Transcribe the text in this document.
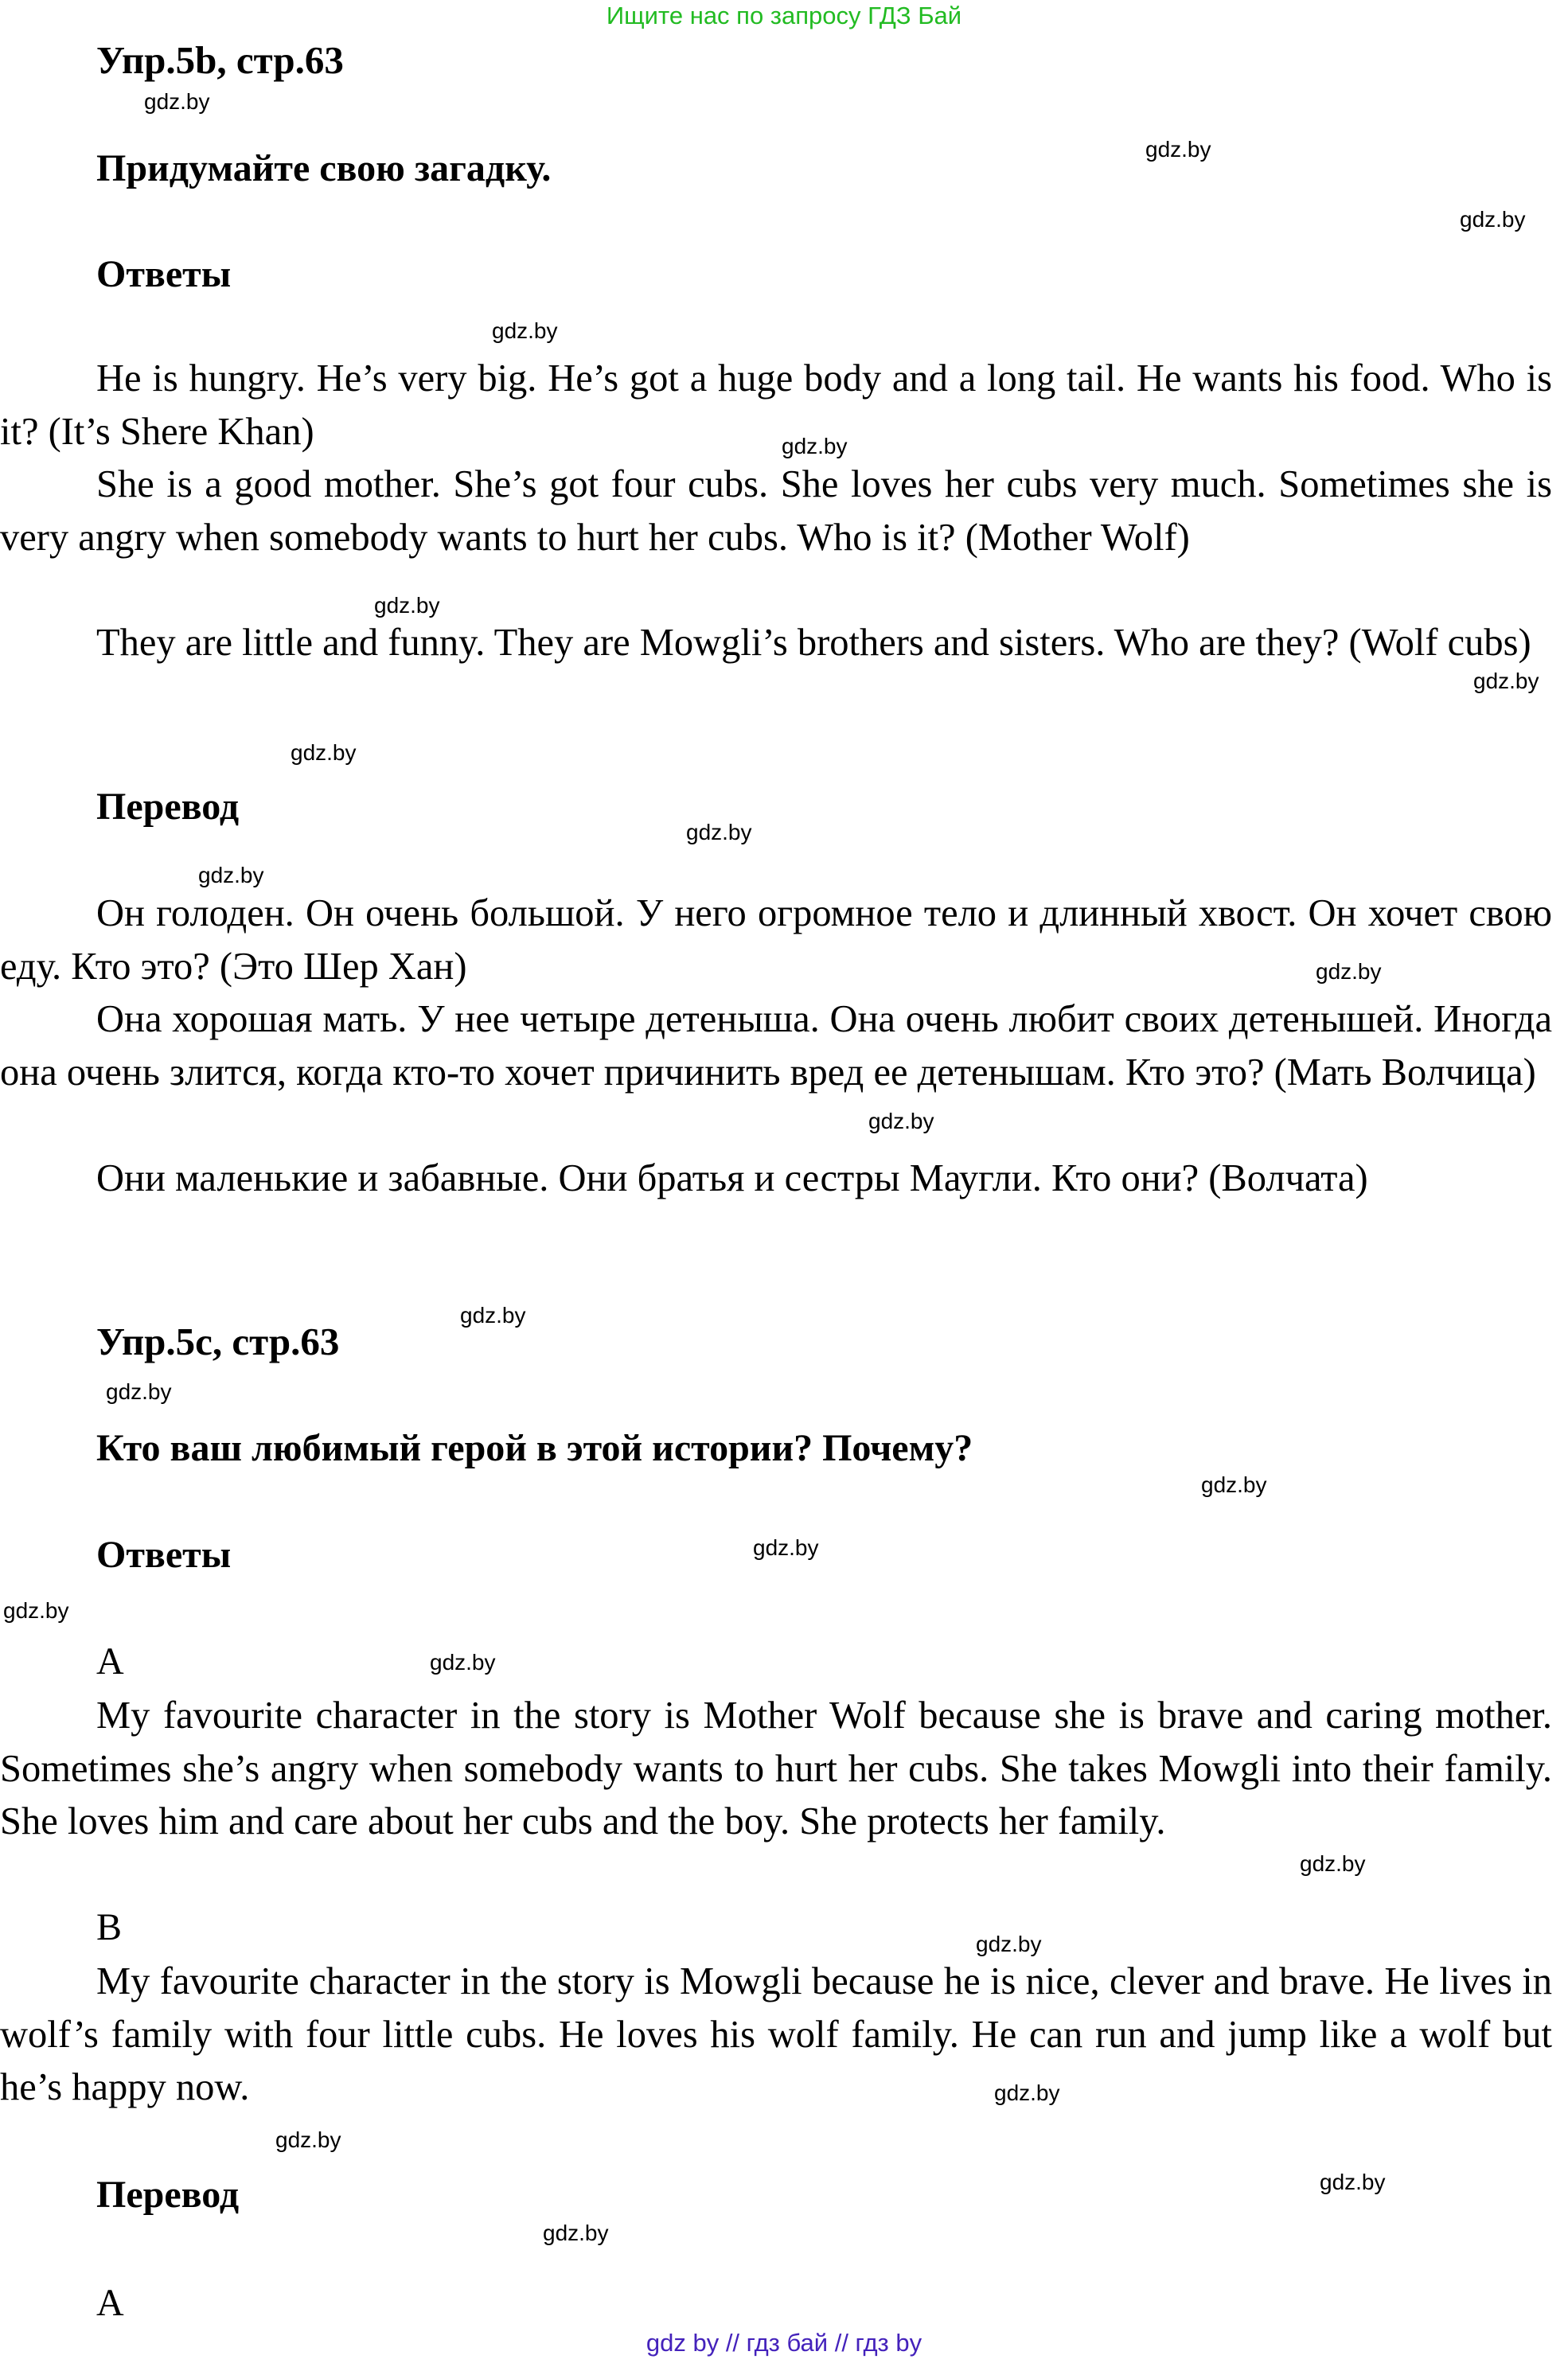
Ищите нас по запросу ГДЗ Бай
Упр.5b, стр.63
Придумайте свою загадку.
Ответы

He is hungry. He’s very big. He’s got a huge body and a long tail. He wants his food. Who is it? (It’s Shere Khan)

She is a good mother. She’s got four cubs. She loves her cubs very much. Sometimes she is very angry when somebody wants to hurt her cubs. Who is it? (Mother Wolf)

They are little and funny. They are Mowgli’s brothers and sisters. Who are they? (Wolf cubs)

Перевод

Он голоден. Он очень большой. У него огромное тело и длинный хвост. Он хочет свою еду. Кто это? (Это Шер Хан)

Она хорошая мать. У нее четыре детеныша. Она очень любит своих детенышей. Иногда она очень злится, когда кто-то хочет причинить вред ее детенышам. Кто это? (Мать Волчица)

Они маленькие и забавные. Они братья и сестры Маугли. Кто они? (Волчата)

Упр.5c, стр.63
Кто ваш любимый герой в этой истории? Почему?
Ответы
A

My favourite character in the story is Mother Wolf because she is brave and caring mother. Sometimes she’s angry when somebody wants to hurt her cubs. She takes Mowgli into their family. She loves him and care about her cubs and the boy. She protects her family.

B

My favourite character in the story is Mowgli because he is nice, clever and brave. He lives in wolf’s family with four little cubs. He loves his wolf family. He can run and jump like a wolf but he’s happy now.

Перевод
A
gdz.by
gdz.by
gdz.by
gdz.by
gdz.by
gdz.by
gdz.by
gdz.by
gdz.by
gdz.by
gdz.by
gdz.by
gdz.by
gdz.by
gdz.by
gdz.by
gdz.by
gdz.by
gdz.by
gdz.by
gdz.by
gdz.by
gdz.by
gdz.by
gdz by // гдз бай // гдз by
